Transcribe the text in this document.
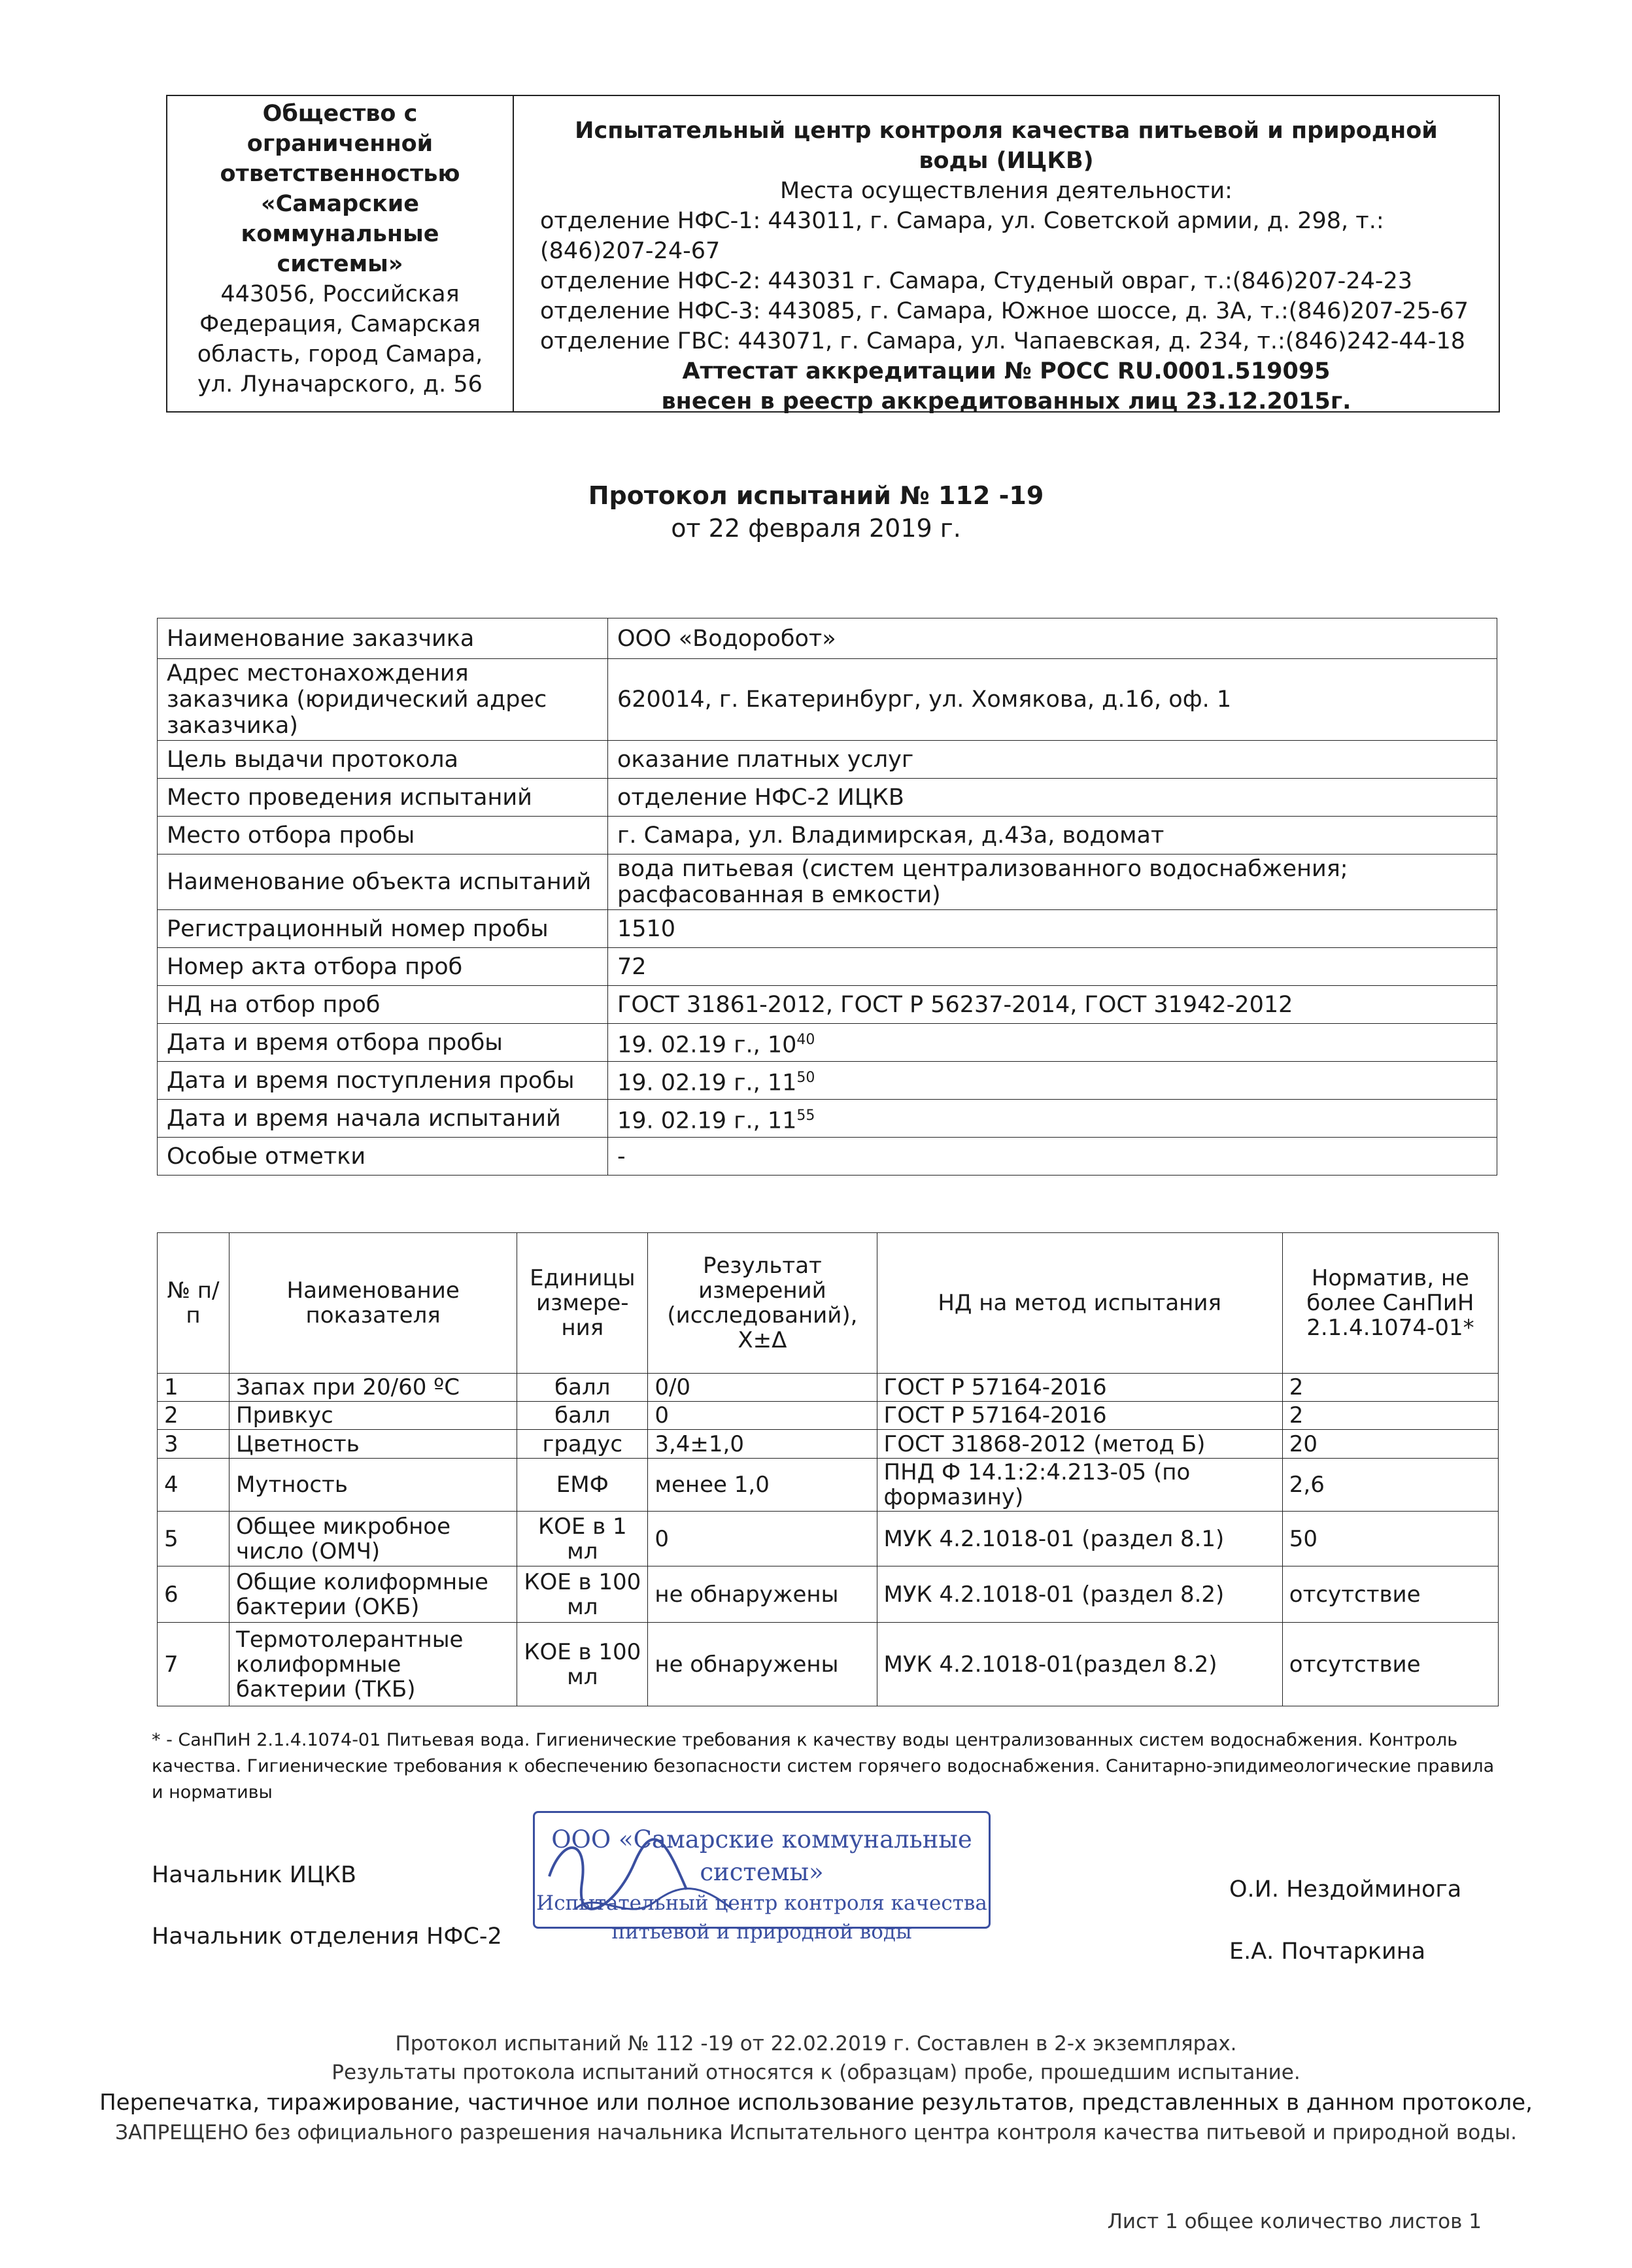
Общество с
ограниченной
ответственностью
«Самарские
коммунальные
системы»
443056, Российская
Федерация, Самарская
область, город Самара,
ул. Луначарского, д. 56
Испытательный центр контроля качества питьевой и природной
воды (ИЦКВ)
Места осуществления деятельности:
отделение НФС-1: 443011, г. Самара, ул. Советской армии, д. 298, т.:(846)207-24-67
отделение НФС-2: 443031 г. Самара, Студеный овраг, т.:(846)207-24-23
отделение НФС-3: 443085, г. Самара, Южное шоссе, д. 3А, т.:(846)207-25-67
отделение ГВС: 443071, г. Самара, ул. Чапаевская, д. 234, т.:(846)242-44-18
Аттестат аккредитации № РОСС RU.0001.519095
внесен в реестр аккредитованных лиц 23.12.2015г.
Протокол испытаний № 112 -19
от 22 февраля 2019 г.
Наименование заказчика	ООО «Водоробот»
Адрес местонахождения заказчика (юридический адрес заказчика)	620014, г. Екатеринбург, ул. Хомякова, д.16, оф. 1
Цель выдачи протокола	оказание платных услуг
Место проведения испытаний	отделение НФС-2 ИЦКВ
Место отбора пробы	г. Самара, ул. Владимирская, д.43а, водомат
Наименование объекта испытаний	вода питьевая (систем централизованного водоснабжения; расфасованная в емкости)
Регистрационный номер пробы	1510
Номер акта отбора проб	72
НД на отбор проб	ГОСТ 31861-2012, ГОСТ Р 56237-2014, ГОСТ 31942-2012
Дата и время отбора пробы	19. 02.19 г., $10^{40}$
Дата и время поступления пробы	19. 02.19 г., $11^{50}$
Дата и время начала испытаний	19. 02.19 г., $11^{55}$
Особые отметки	-
№ п/п	Наименование показателя	Единицы измере-ния	Результат измерений (исследований), X±Δ	НД на метод испытания	Норматив, не более СанПиН 2.1.4.1074-01*
1	Запах при 20/60 ºС	балл	0/0	ГОСТ Р 57164-2016	2
2	Привкус	балл	0	ГОСТ Р 57164-2016	2
3	Цветность	градус	3,4±1,0	ГОСТ 31868-2012 (метод Б)	20
4	Мутность	ЕМФ	менее 1,0	ПНД Ф 14.1:2:4.213-05 (по формазину)	2,6
5	Общее микробное число (ОМЧ)	КОЕ в 1 мл	0	МУК 4.2.1018-01 (раздел 8.1)	50
6	Общие колиформные бактерии (ОКБ)	КОЕ в 100 мл	не обнаружены	МУК 4.2.1018-01 (раздел 8.2)	отсутствие
7	Термотолерантные колиформные бактерии (ТКБ)	КОЕ в 100 мл	не обнаружены	МУК 4.2.1018-01(раздел 8.2)	отсутствие
* - СанПиН 2.1.4.1074-01 Питьевая вода. Гигиенические требования к качеству воды централизованных систем водоснабжения. Контроль качества. Гигиенические требования к обеспечению безопасности систем горячего водоснабжения. Санитарно-эпидимеологические правила и нормативы
Начальник ИЦКВ
О.И. Нездойминога
Начальник отделения НФС-2
Е.А. Почтаркина
ООО «Самарские коммунальные системы»
Испытательный центр контроля качества
питьевой и природной воды
Протокол испытаний № 112 -19 от 22.02.2019 г. Составлен в 2-х экземплярах.
Результаты протокола испытаний относятся к (образцам) пробе, прошедшим испытание.
Перепечатка, тиражирование, частичное или полное использование результатов, представленных в данном протоколе,
ЗАПРЕЩЕНО без официального разрешения начальника Испытательного центра контроля качества питьевой и природной воды.
Лист 1 общее количество листов 1
